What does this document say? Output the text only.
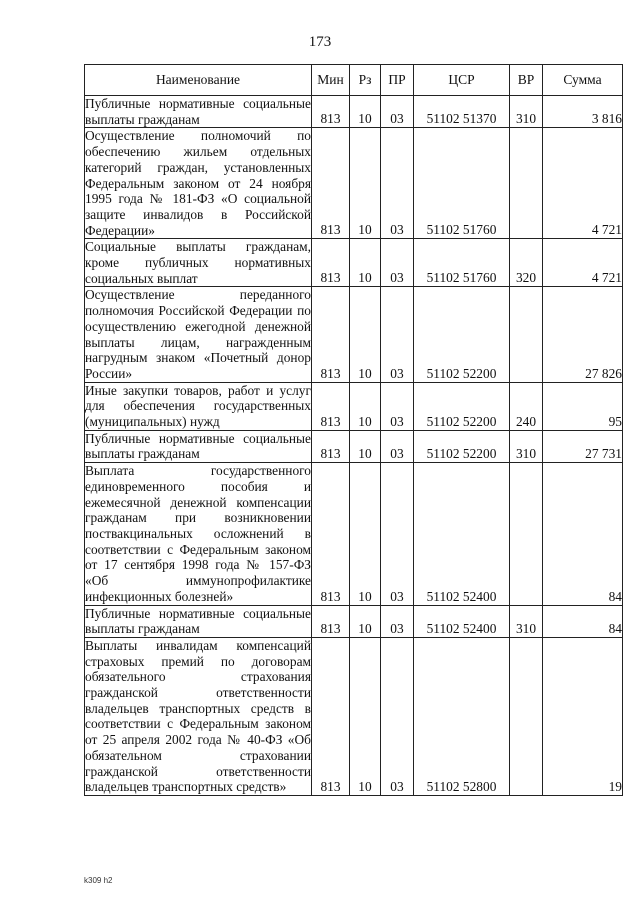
173
Наименование	Мин	Рз	ПР	ЦСР	ВР	Сумма
Публичные нормативные социальные выплаты гражданам	813	10	03	51102 51370	310	3 816
Осуществление полномочий по обеспечению жильем отдельных категорий граждан, установленных Федеральным законом от 24 ноября 1995 года № 181-ФЗ «О социальной защите инвалидов в Российской Федерации»	813	10	03	51102 51760		4 721
Социальные выплаты гражданам, кроме публичных нормативных социальных выплат	813	10	03	51102 51760	320	4 721
Осуществление переданного полномочия Российской Федерации по осуществлению ежегодной денежной выплаты лицам, награжденным нагрудным знаком «Почетный донор России»	813	10	03	51102 52200		27 826
Иные закупки товаров, работ и услуг для обеспечения государственных (муниципальных) нужд	813	10	03	51102 52200	240	95
Публичные нормативные социальные выплаты гражданам	813	10	03	51102 52200	310	27 731
Выплата государственного единовременного пособия и ежемесячной денежной компенсации гражданам при возникновении поствакцинальных осложнений в соответствии с Федеральным законом от 17 сентября 1998 года № 157-ФЗ «Об иммунопрофилактике инфекционных болезней»	813	10	03	51102 52400		84
Публичные нормативные социальные выплаты гражданам	813	10	03	51102 52400	310	84
Выплаты инвалидам компенсаций страховых премий по договорам обязательного страхования гражданской ответственности владельцев транспортных средств в соответствии с Федеральным законом от 25 апреля 2002 года № 40-ФЗ «Об обязательном страховании гражданской ответственности владельцев транспортных средств»	813	10	03	51102 52800		19
k309 h2
